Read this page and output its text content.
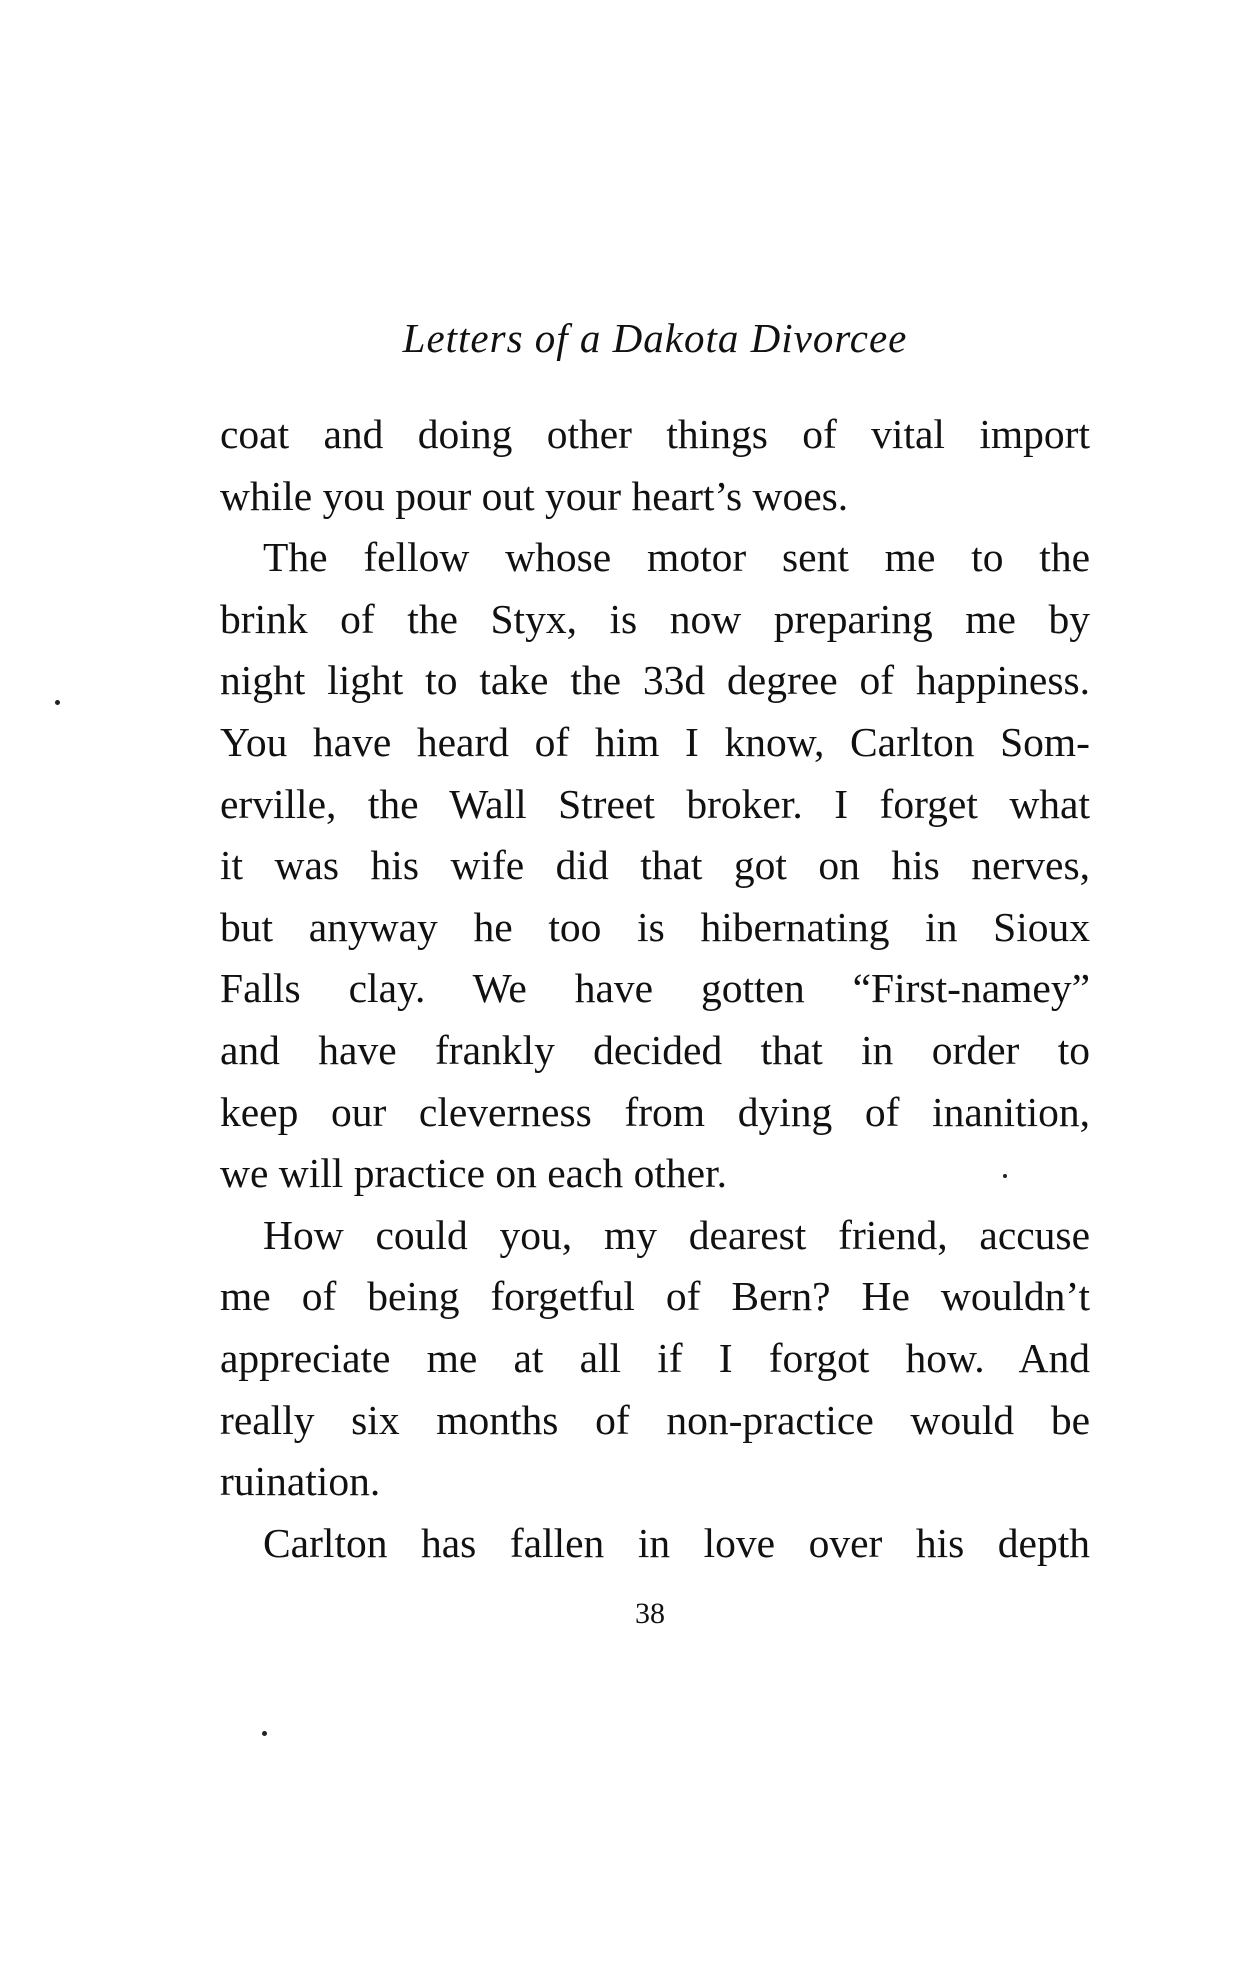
Letters of a Dakota Divorcee
coat and doing other things of vital import
while you pour out your heart’s woes.
The fellow whose motor sent me to the
brink of the Styx, is now preparing me by
night light to take the 33d degree of happiness.
You have heard of him I know, Carlton Som-
erville, the Wall Street broker. I forget what
it was his wife did that got on his nerves,
but anyway he too is hibernating in Sioux
Falls clay. We have gotten “First-namey”
and have frankly decided that in order to
keep our cleverness from dying of inanition,
we will practice on each other.
How could you, my dearest friend, accuse
me of being forgetful of Bern? He wouldn’t
appreciate me at all if I forgot how. And
really six months of non-practice would be
ruination.
Carlton has fallen in love over his depth
38
